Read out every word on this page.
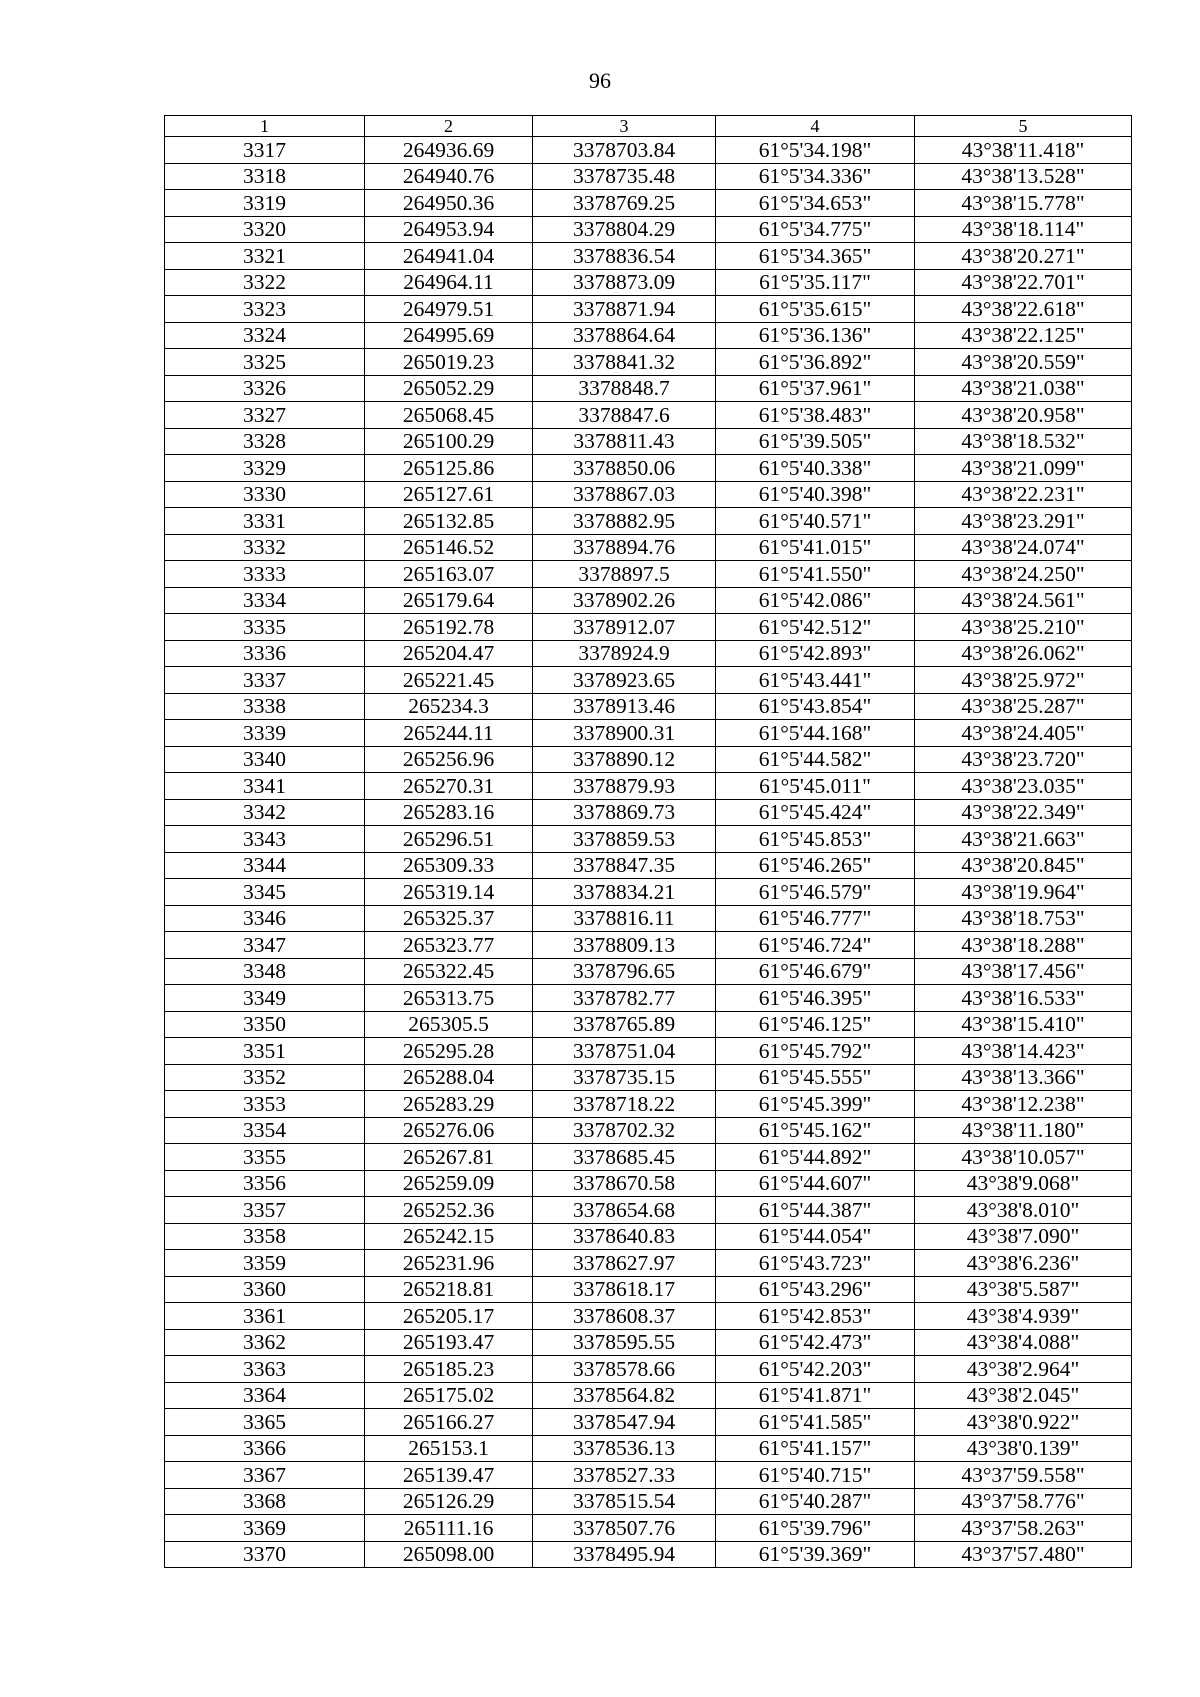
96
1	2	3	4	5
3317	264936.69	3378703.84	61°5'34.198"	43°38'11.418"
3318	264940.76	3378735.48	61°5'34.336"	43°38'13.528"
3319	264950.36	3378769.25	61°5'34.653"	43°38'15.778"
3320	264953.94	3378804.29	61°5'34.775"	43°38'18.114"
3321	264941.04	3378836.54	61°5'34.365"	43°38'20.271"
3322	264964.11	3378873.09	61°5'35.117"	43°38'22.701"
3323	264979.51	3378871.94	61°5'35.615"	43°38'22.618"
3324	264995.69	3378864.64	61°5'36.136"	43°38'22.125"
3325	265019.23	3378841.32	61°5'36.892"	43°38'20.559"
3326	265052.29	3378848.7	61°5'37.961"	43°38'21.038"
3327	265068.45	3378847.6	61°5'38.483"	43°38'20.958"
3328	265100.29	3378811.43	61°5'39.505"	43°38'18.532"
3329	265125.86	3378850.06	61°5'40.338"	43°38'21.099"
3330	265127.61	3378867.03	61°5'40.398"	43°38'22.231"
3331	265132.85	3378882.95	61°5'40.571"	43°38'23.291"
3332	265146.52	3378894.76	61°5'41.015"	43°38'24.074"
3333	265163.07	3378897.5	61°5'41.550"	43°38'24.250"
3334	265179.64	3378902.26	61°5'42.086"	43°38'24.561"
3335	265192.78	3378912.07	61°5'42.512"	43°38'25.210"
3336	265204.47	3378924.9	61°5'42.893"	43°38'26.062"
3337	265221.45	3378923.65	61°5'43.441"	43°38'25.972"
3338	265234.3	3378913.46	61°5'43.854"	43°38'25.287"
3339	265244.11	3378900.31	61°5'44.168"	43°38'24.405"
3340	265256.96	3378890.12	61°5'44.582"	43°38'23.720"
3341	265270.31	3378879.93	61°5'45.011"	43°38'23.035"
3342	265283.16	3378869.73	61°5'45.424"	43°38'22.349"
3343	265296.51	3378859.53	61°5'45.853"	43°38'21.663"
3344	265309.33	3378847.35	61°5'46.265"	43°38'20.845"
3345	265319.14	3378834.21	61°5'46.579"	43°38'19.964"
3346	265325.37	3378816.11	61°5'46.777"	43°38'18.753"
3347	265323.77	3378809.13	61°5'46.724"	43°38'18.288"
3348	265322.45	3378796.65	61°5'46.679"	43°38'17.456"
3349	265313.75	3378782.77	61°5'46.395"	43°38'16.533"
3350	265305.5	3378765.89	61°5'46.125"	43°38'15.410"
3351	265295.28	3378751.04	61°5'45.792"	43°38'14.423"
3352	265288.04	3378735.15	61°5'45.555"	43°38'13.366"
3353	265283.29	3378718.22	61°5'45.399"	43°38'12.238"
3354	265276.06	3378702.32	61°5'45.162"	43°38'11.180"
3355	265267.81	3378685.45	61°5'44.892"	43°38'10.057"
3356	265259.09	3378670.58	61°5'44.607"	43°38'9.068"
3357	265252.36	3378654.68	61°5'44.387"	43°38'8.010"
3358	265242.15	3378640.83	61°5'44.054"	43°38'7.090"
3359	265231.96	3378627.97	61°5'43.723"	43°38'6.236"
3360	265218.81	3378618.17	61°5'43.296"	43°38'5.587"
3361	265205.17	3378608.37	61°5'42.853"	43°38'4.939"
3362	265193.47	3378595.55	61°5'42.473"	43°38'4.088"
3363	265185.23	3378578.66	61°5'42.203"	43°38'2.964"
3364	265175.02	3378564.82	61°5'41.871"	43°38'2.045"
3365	265166.27	3378547.94	61°5'41.585"	43°38'0.922"
3366	265153.1	3378536.13	61°5'41.157"	43°38'0.139"
3367	265139.47	3378527.33	61°5'40.715"	43°37'59.558"
3368	265126.29	3378515.54	61°5'40.287"	43°37'58.776"
3369	265111.16	3378507.76	61°5'39.796"	43°37'58.263"
3370	265098.00	3378495.94	61°5'39.369"	43°37'57.480"
